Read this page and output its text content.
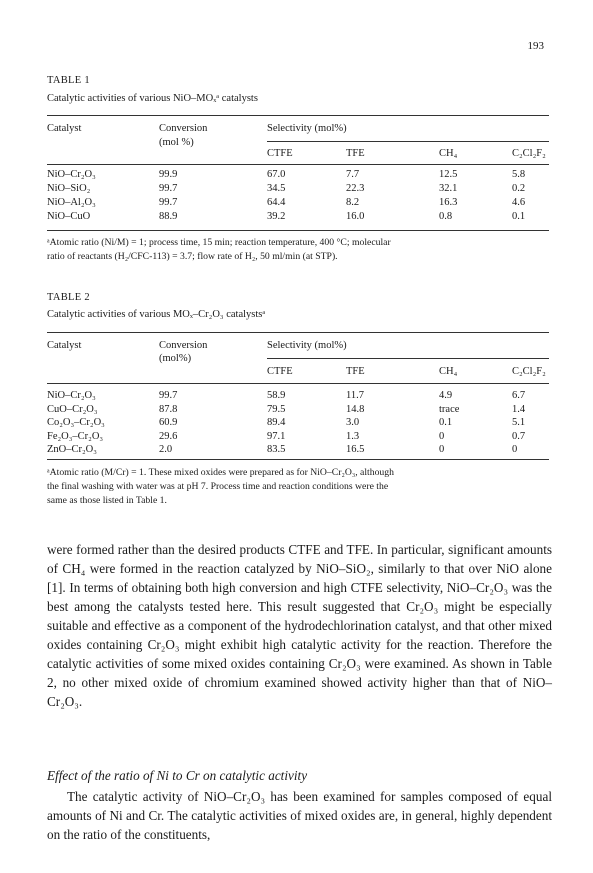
193
TABLE 1
Catalytic activities of various NiO–MOₓᵃ catalysts
Catalyst	Conversion
(mol %)
Selectivity (mol%)
CTFE	TFE	CH₄	C₂Cl₂F₂
NiO–Cr₂O₃	99.9	67.0	7.7	12.5	5.8
NiO–SiO₂	99.7	34.5	22.3	32.1	0.2
NiO–Al₂O₃	99.7	64.4	8.2	16.3	4.6
NiO–CuO	88.9	39.2	16.0	0.8	0.1
ᵃAtomic ratio (Ni/M) = 1; process time, 15 min; reaction temperature, 400 °C; molecular
ratio of reactants (H₂/CFC-113) = 3.7; flow rate of H₂, 50 ml/min (at STP).
TABLE 2
Catalytic activities of various MOₓ–Cr₂O₃ catalystsᵃ
Catalyst	Conversion
(mol%)
Selectivity (mol%)
CTFE	TFE	CH₄	C₂Cl₂F₂
NiO–Cr₂O₃	99.7	58.9	11.7	4.9	6.7
CuO–Cr₂O₃	87.8	79.5	14.8	trace	1.4
Co₂O₃–Cr₂O₃	60.9	89.4	3.0	0.1	5.1
Fe₂O₃–Cr₂O₃	29.6	97.1	1.3	0	0.7
ZnO–Cr₂O₃	2.0	83.5	16.5	0	0
ᵃAtomic ratio (M/Cr) = 1. These mixed oxides were prepared as for NiO–Cr₂O₃, although
the final washing with water was at pH 7. Process time and reaction conditions were the
same as those listed in Table 1.
were formed rather than the desired products CTFE and TFE. In particular, significant amounts of CH₄ were formed in the reaction catalyzed by NiO–SiO₂, similarly to that over NiO alone [1]. In terms of obtaining both high conversion and high CTFE selectivity, NiO–Cr₂O₃ was the best among the catalysts tested here. This result suggested that Cr₂O₃ might be especially suitable and effective as a component of the hydrodechlorination catalyst, and that other mixed oxides containing Cr₂O₃ might exhibit high catalytic activity for the reaction. Therefore the catalytic activities of some mixed oxides containing Cr₂O₃ were examined. As shown in Table 2, no other mixed oxide of chromium examined showed activity higher than that of NiO–Cr₂O₃.
Effect of the ratio of Ni to Cr on catalytic activity
The catalytic activity of NiO–Cr₂O₃ has been examined for samples composed of equal amounts of Ni and Cr. The catalytic activities of mixed oxides are, in general, highly dependent on the ratio of the constituents,
